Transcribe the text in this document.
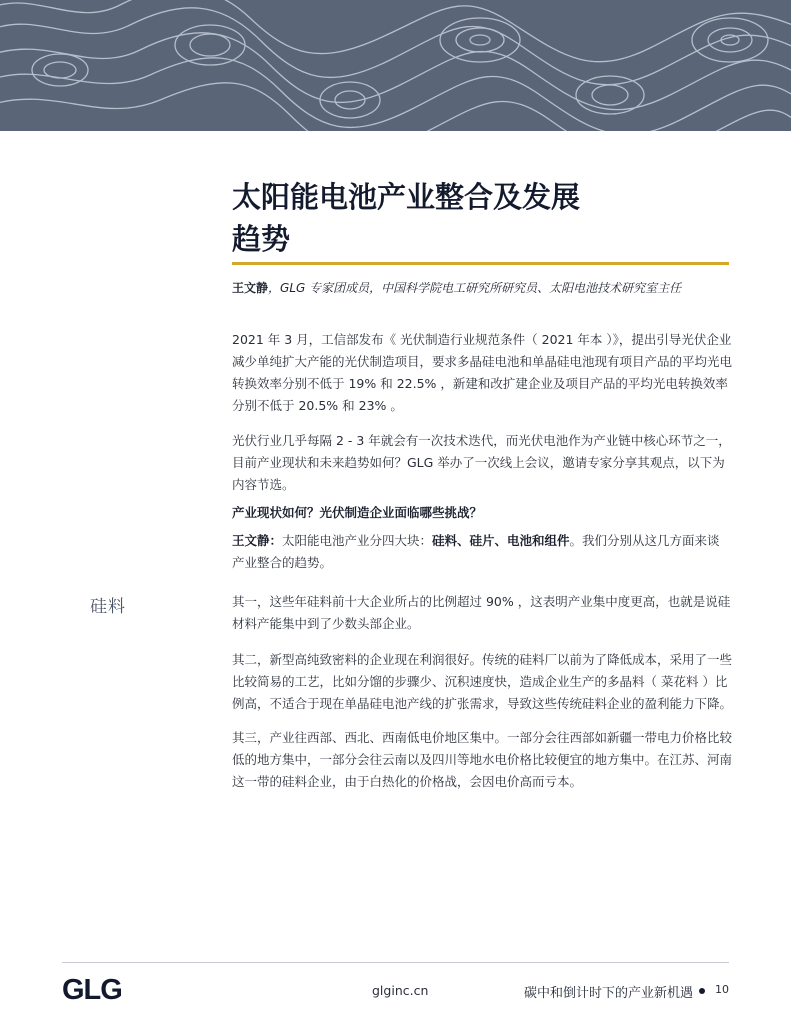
太阳能电池产业整合及发展
趋势
王文静，GLG 专家团成员，中国科学院电工研究所研究员、太阳电池技术研究室主任

2021 年 3 月，工信部发布《 光伏制造行业规范条件（ 2021 年本 ）》，提出引导光伏企业减少单纯扩大产能的光伏制造项目，要求多晶硅电池和单晶硅电池现有项目产品的平均光电转换效率分别不低于 19% 和 22.5% ，新建和改扩建企业及项目产品的平均光电转换效率分别不低于 20.5% 和 23% 。

光伏行业几乎每隔 2 - 3 年就会有一次技术迭代，而光伏电池作为产业链中核心环节之一，目前产业现状和未来趋势如何？GLG 举办了一次线上会议，邀请专家分享其观点，以下为内容节选。

产业现状如何？光伏制造企业面临哪些挑战？

王文静：太阳能电池产业分四大块：硅料、硅片、电池和组件。我们分别从这几方面来谈产业整合的趋势。

硅料	其一，这些年硅料前十大企业所占的比例超过 90% ，这表明产业集中度更高，也就是说硅材料产能集中到了少数头部企业。

其二，新型高纯致密料的企业现在利润很好。传统的硅料厂以前为了降低成本，采用了一些比较简易的工艺，比如分馏的步骤少、沉积速度快，造成企业生产的多晶料（ 菜花料 ）比例高，不适合于现在单晶硅电池产线的扩张需求，导致这些传统硅料企业的盈利能力下降。

其三，产业往西部、西北、西南低电价地区集中。一部分会往西部如新疆一带电力价格比较低的地方集中，一部分会往云南以及四川等地水电价格比较便宜的地方集中。在江苏、河南这一带的硅料企业，由于白热化的价格战，会因电价高而亏本。

GLG	glginc.cn	碳中和倒计时下的产业新机遇 10
